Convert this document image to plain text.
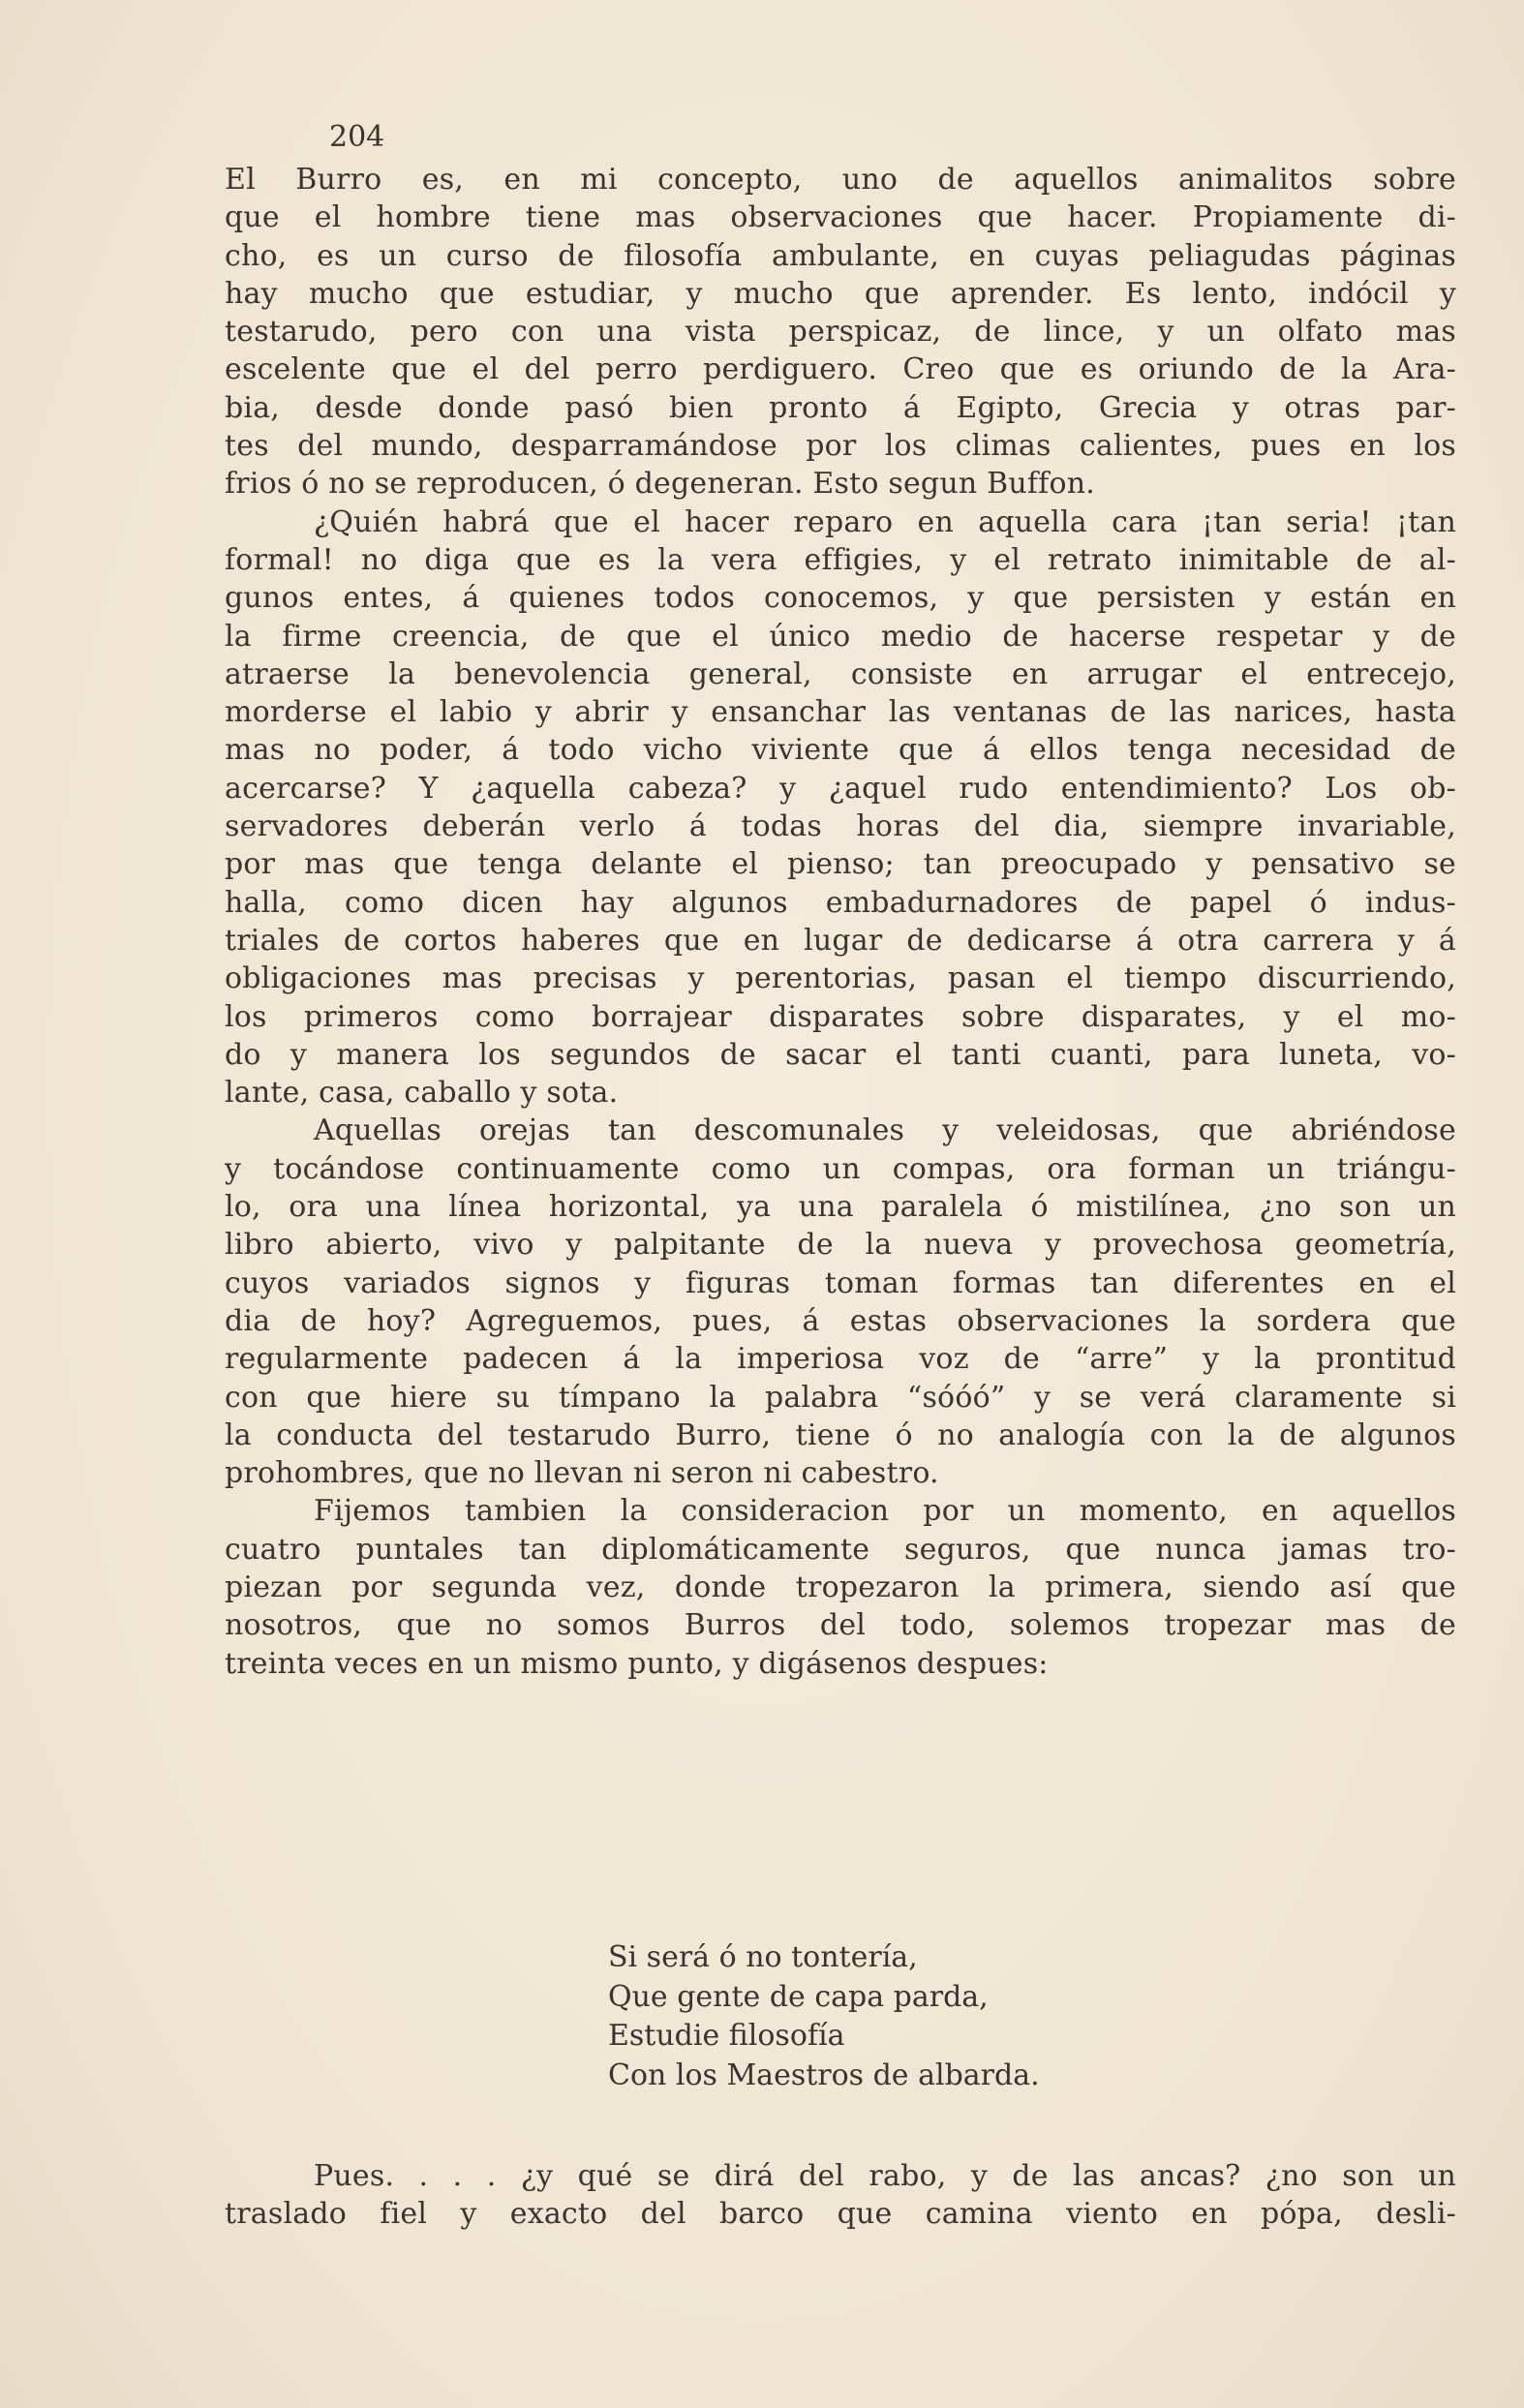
204
El Burro es, en mi concepto, uno de aquellos animalitos sobre
que el hombre tiene mas observaciones que hacer. Propiamente di-
cho, es un curso de filosofía ambulante, en cuyas peliagudas páginas
hay mucho que estudiar, y mucho que aprender. Es lento, indócil y
testarudo, pero con una vista perspicaz, de lince, y un olfato mas
escelente que el del perro perdiguero. Creo que es oriundo de la Ara-
bia, desde donde pasó bien pronto á Egipto, Grecia y otras par-
tes del mundo, desparramándose por los climas calientes, pues en los
frios ó no se reproducen, ó degeneran. Esto segun Buffon.
¿Quién habrá que el hacer reparo en aquella cara ¡tan seria! ¡tan
formal! no diga que es la vera effigies, y el retrato inimitable de al-
gunos entes, á quienes todos conocemos, y que persisten y están en
la firme creencia, de que el único medio de hacerse respetar y de
atraerse la benevolencia general, consiste en arrugar el entrecejo,
morderse el labio y abrir y ensanchar las ventanas de las narices, hasta
mas no poder, á todo vicho viviente que á ellos tenga necesidad de
acercarse? Y ¿aquella cabeza? y ¿aquel rudo entendimiento? Los ob-
servadores deberán verlo á todas horas del dia, siempre invariable,
por mas que tenga delante el pienso; tan preocupado y pensativo se
halla, como dicen hay algunos embadurnadores de papel ó indus-
triales de cortos haberes que en lugar de dedicarse á otra carrera y á
obligaciones mas precisas y perentorias, pasan el tiempo discurriendo,
los primeros como borrajear disparates sobre disparates, y el mo-
do y manera los segundos de sacar el tanti cuanti, para luneta, vo-
lante, casa, caballo y sota.
Aquellas orejas tan descomunales y veleidosas, que abriéndose
y tocándose continuamente como un compas, ora forman un triángu-
lo, ora una línea horizontal, ya una paralela ó mistilínea, ¿no son un
libro abierto, vivo y palpitante de la nueva y provechosa geometría,
cuyos variados signos y figuras toman formas tan diferentes en el
dia de hoy? Agreguemos, pues, á estas observaciones la sordera que
regularmente padecen á la imperiosa voz de “arre” y la prontitud
con que hiere su tímpano la palabra “sóóó” y se verá claramente si
la conducta del testarudo Burro, tiene ó no analogía con la de algunos
prohombres, que no llevan ni seron ni cabestro.
Fijemos tambien la consideracion por un momento, en aquellos
cuatro puntales tan diplomáticamente seguros, que nunca jamas tro-
piezan por segunda vez, donde tropezaron la primera, siendo así que
nosotros, que no somos Burros del todo, solemos tropezar mas de
treinta veces en un mismo punto, y digásenos despues:
Si será ó no tontería,
Que gente de capa parda,
Estudie filosofía
Con los Maestros de albarda.
Pues. . . . ¿y qué se dirá del rabo, y de las ancas? ¿no son un
traslado fiel y exacto del barco que camina viento en pópa, desli-
